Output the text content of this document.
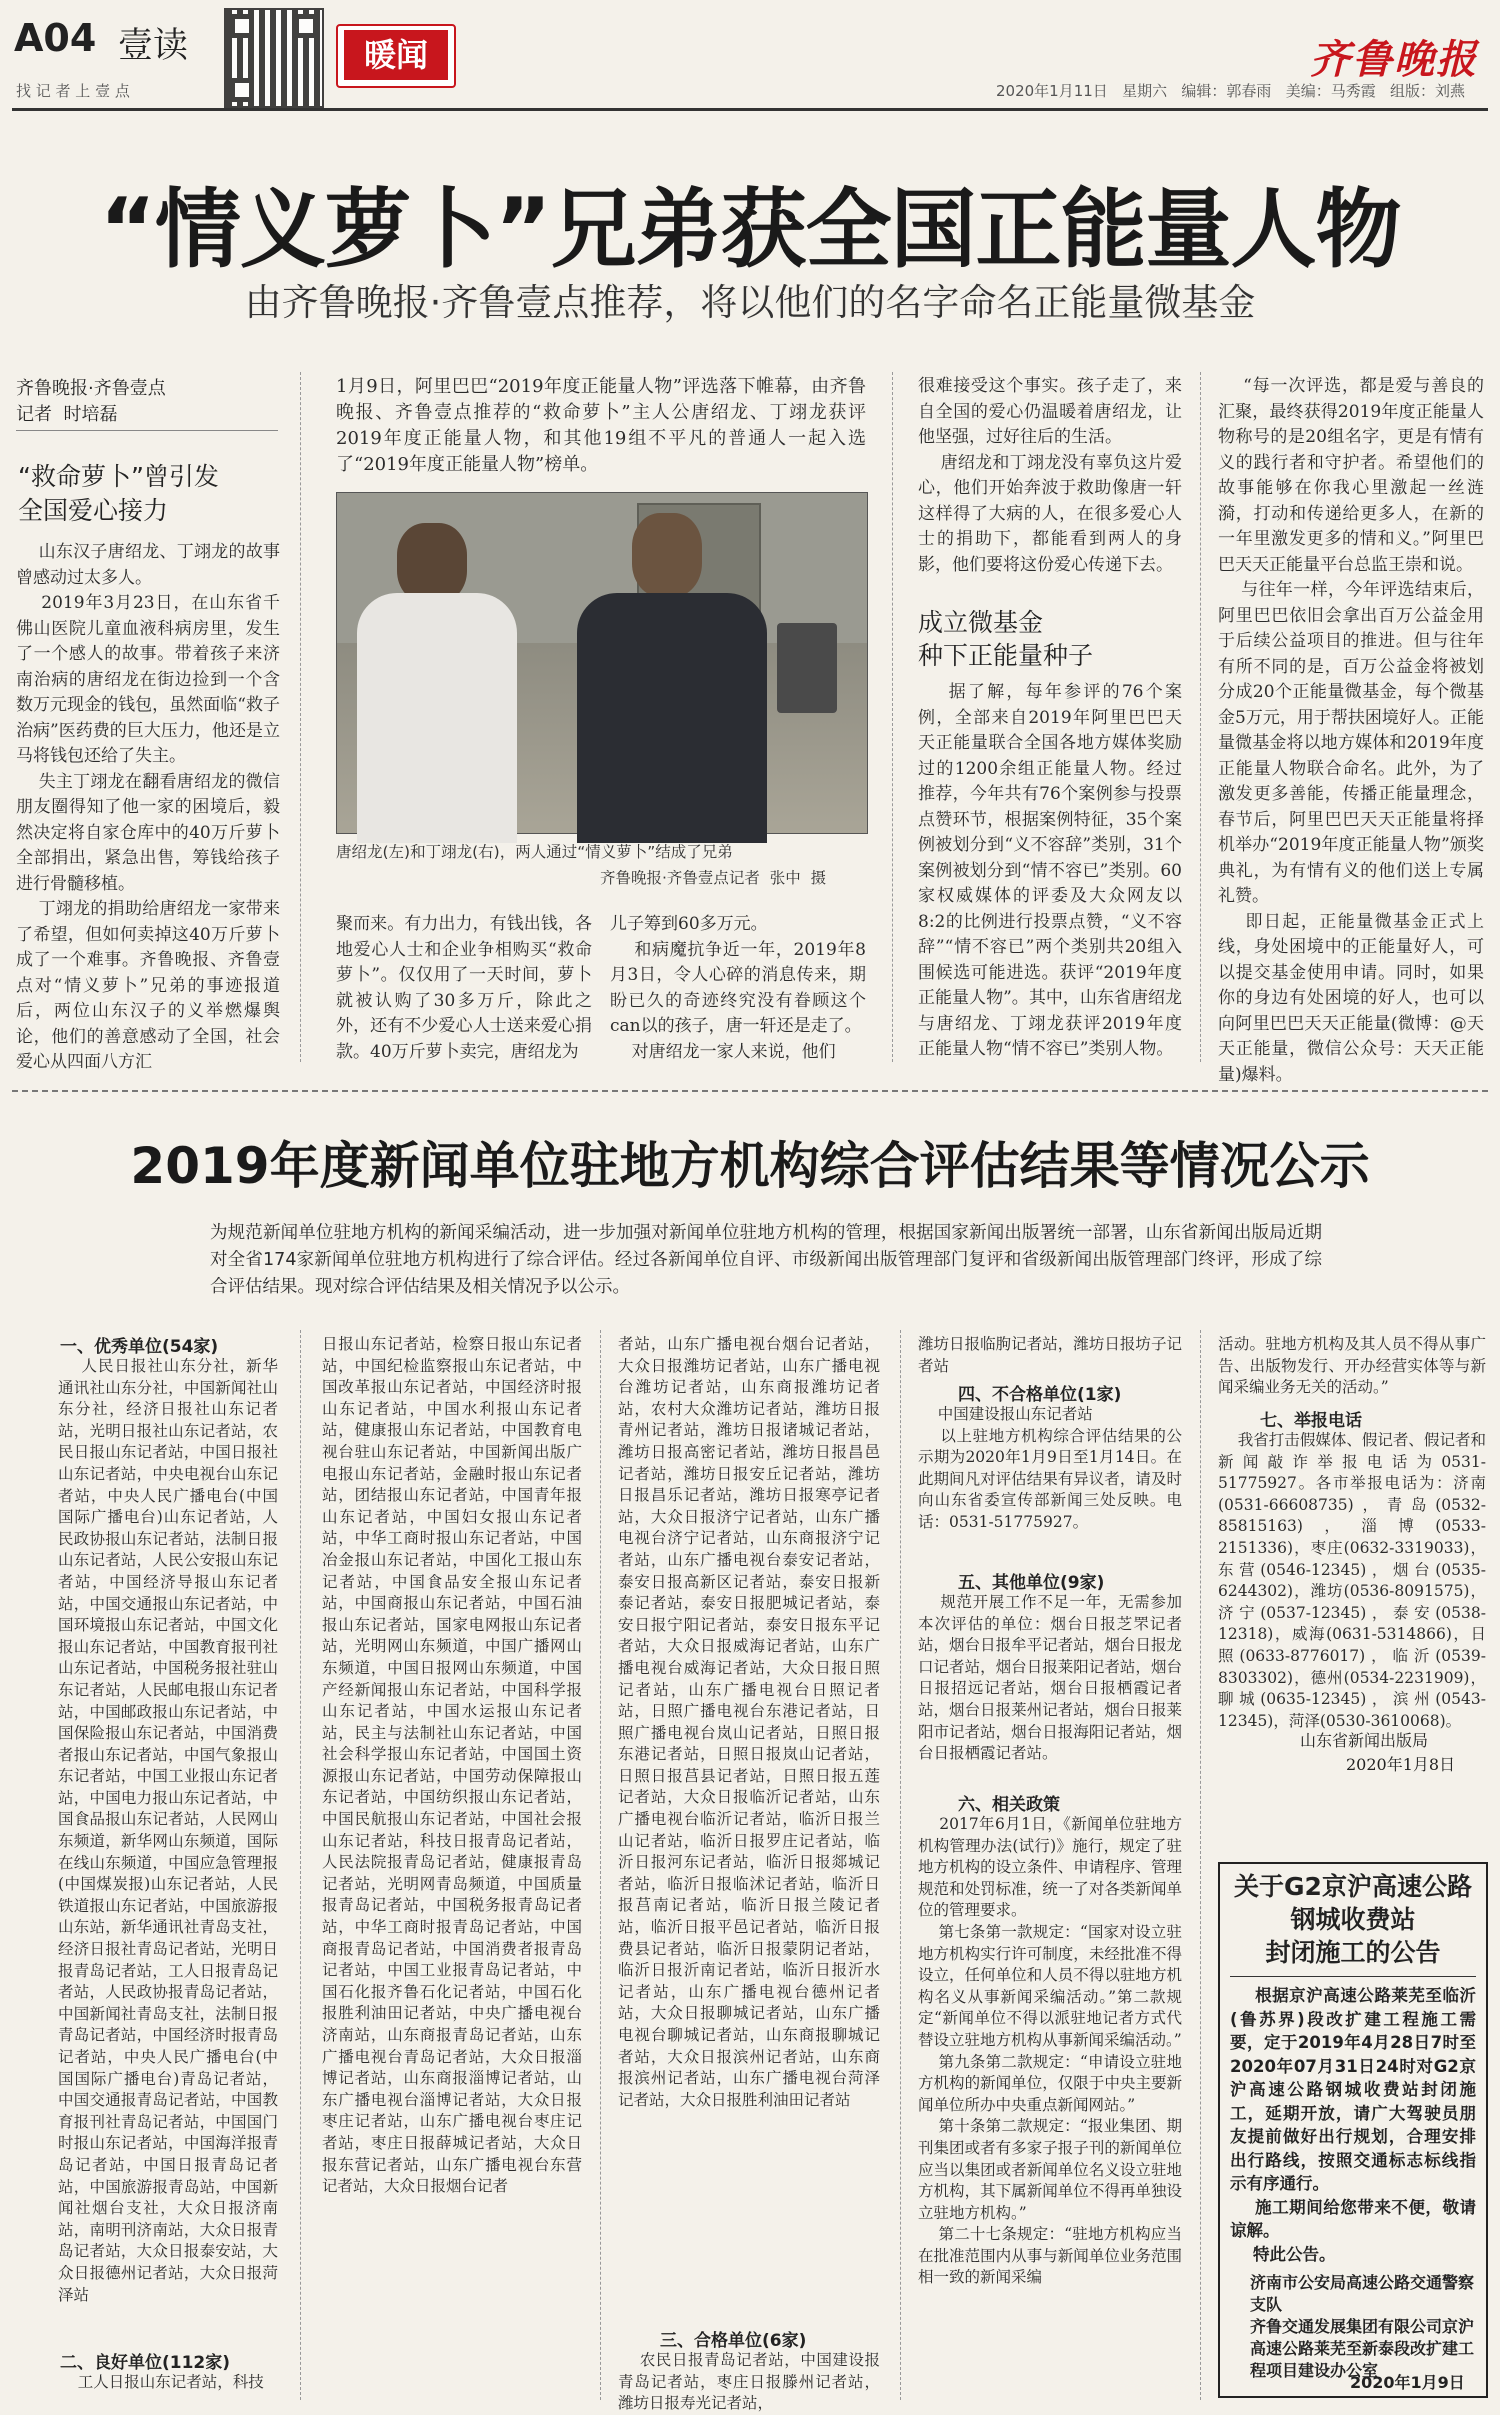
A04 壹读
找 记 者 上 壹 点
暖闻	齐鲁晚报
2020年1月11日   星期六   编辑：郭春雨   美编：马秀霞   组版：刘燕
“情义萝卜”兄弟获全国正能量人物
由齐鲁晚报·齐鲁壹点推荐，将以他们的名字命名正能量微基金
齐鲁晚报·齐鲁壹点
记者  时培磊
“救命萝卜”曾引发
全国爱心接力
山东汉子唐绍龙、丁翊龙的故事曾感动过太多人。
2019年3月23日，在山东省千佛山医院儿童血液科病房里，发生了一个感人的故事。带着孩子来济南治病的唐绍龙在街边捡到一个含数万元现金的钱包，虽然面临“救子治病”医药费的巨大压力，他还是立马将钱包还给了失主。
失主丁翊龙在翻看唐绍龙的微信朋友圈得知了他一家的困境后，毅然决定将自家仓库中的40万斤萝卜全部捐出，紧急出售，筹钱给孩子进行骨髓移植。
丁翊龙的捐助给唐绍龙一家带来了希望，但如何卖掉这40万斤萝卜成了一个难事。齐鲁晚报、齐鲁壹点对“情义萝卜”兄弟的事迹报道后，两位山东汉子的义举燃爆舆论，他们的善意感动了全国，社会爱心从四面八方汇
1月9日，阿里巴巴“2019年度正能量人物”评选落下帷幕，由齐鲁晚报、齐鲁壹点推荐的“救命萝卜”主人公唐绍龙、丁翊龙获评2019年度正能量人物，和其他19组不平凡的普通人一起入选了“2019年度正能量人物”榜单。
唐绍龙(左)和丁翊龙(右)，两人通过“情义萝卜”结成了兄弟
齐鲁晚报·齐鲁壹点记者  张中  摄
聚而来。有力出力，有钱出钱，各地爱心人士和企业争相购买“救命萝卜”。仅仅用了一天时间，萝卜就被认购了30多万斤，除此之外，还有不少爱心人士送来爱心捐款。40万斤萝卜卖完，唐绍龙为
儿子筹到60多万元。
和病魔抗争近一年，2019年8月3日，令人心碎的消息传来，期盼已久的奇迹终究没有眷顾这个can以的孩子，唐一轩还是走了。
对唐绍龙一家人来说，他们
很难接受这个事实。孩子走了，来自全国的爱心仍温暖着唐绍龙，让他坚强，过好往后的生活。
唐绍龙和丁翊龙没有辜负这片爱心，他们开始奔波于救助像唐一轩这样得了大病的人，在很多爱心人士的捐助下，都能看到两人的身影，他们要将这份爱心传递下去。
成立微基金
种下正能量种子
据了解，每年参评的76个案例，全部来自2019年阿里巴巴天天正能量联合全国各地方媒体奖励过的1200余组正能量人物。经过推荐，今年共有76个案例参与投票点赞环节，根据案例特征，35个案例被划分到“义不容辞”类别，31个案例被划分到“情不容已”类别。60家权威媒体的评委及大众网友以8:2的比例进行投票点赞，“义不容辞”“情不容已”两个类别共20组入围候选可能进选。获评“2019年度正能量人物”。其中，山东省唐绍龙与唐绍龙、丁翊龙获评2019年度正能量人物“情不容已”类别人物。
“每一次评选，都是爱与善良的汇聚，最终获得2019年度正能量人物称号的是20组名字，更是有情有义的践行者和守护者。希望他们的故事能够在你我心里激起一丝涟漪，打动和传递给更多人，在新的一年里激发更多的情和义。”阿里巴巴天天正能量平台总监王崇和说。
与往年一样，今年评选结束后，阿里巴巴依旧会拿出百万公益金用于后续公益项目的推进。但与往年有所不同的是，百万公益金将被划分成20个正能量微基金，每个微基金5万元，用于帮扶困境好人。正能量微基金将以地方媒体和2019年度正能量人物联合命名。此外，为了激发更多善能，传播正能量理念，春节后，阿里巴巴天天正能量将择机举办“2019年度正能量人物”颁奖典礼，为有情有义的他们送上专属礼赞。
即日起，正能量微基金正式上线，身处困境中的正能量好人，可以提交基金使用申请。同时，如果你的身边有处困境的好人，也可以向阿里巴巴天天正能量(微博：@天天正能量，微信公众号：天天正能量)爆料。
2019年度新闻单位驻地方机构综合评估结果等情况公示
为规范新闻单位驻地方机构的新闻采编活动，进一步加强对新闻单位驻地方机构的管理，根据国家新闻出版署统一部署，山东省新闻出版局近期对全省174家新闻单位驻地方机构进行了综合评估。经过各新闻单位自评、市级新闻出版管理部门复评和省级新闻出版管理部门终评，形成了综合评估结果。现对综合评估结果及相关情况予以公示。
一、优秀单位(54家)
人民日报社山东分社，新华通讯社山东分社，中国新闻社山东分社，经济日报社山东记者站，光明日报社山东记者站，农民日报山东记者站，中国日报社山东记者站，中央电视台山东记者站，中央人民广播电台(中国国际广播电台)山东记者站，人民政协报山东记者站，法制日报山东记者站，人民公安报山东记者站，中国经济导报山东记者站，中国交通报山东记者站，中国环境报山东记者站，中国文化报山东记者站，中国教育报刊社山东记者站，中国税务报社驻山东记者站，人民邮电报山东记者站，中国邮政报山东记者站，中国保险报山东记者站，中国消费者报山东记者站，中国气象报山东记者站，中国工业报山东记者站，中国电力报山东记者站，中国食品报山东记者站，人民网山东频道，新华网山东频道，国际在线山东频道，中国应急管理报(中国煤炭报)山东记者站，人民铁道报山东记者站，中国旅游报山东站，新华通讯社青岛支社，经济日报社青岛记者站，光明日报青岛记者站，工人日报青岛记者站，人民政协报青岛记者站，中国新闻社青岛支社，法制日报青岛记者站，中国经济时报青岛记者站，中央人民广播电台(中国国际广播电台)青岛记者站，中国交通报青岛记者站，中国教育报刊社青岛记者站，中国国门时报山东记者站，中国海洋报青岛记者站，中国日报青岛记者站，中国旅游报青岛站，中国新闻社烟台支社，大众日报济南站，南明刊济南站，大众日报青岛记者站，大众日报泰安站，大众日报德州记者站，大众日报菏泽站
二、良好单位(112家)
工人日报山东记者站，科技
日报山东记者站，检察日报山东记者站，中国纪检监察报山东记者站，中国改革报山东记者站，中国经济时报山东记者站，中国水利报山东记者站，健康报山东记者站，中国教育电视台驻山东记者站，中国新闻出版广电报山东记者站，金融时报山东记者站，团结报山东记者站，中国青年报山东记者站，中国妇女报山东记者站，中华工商时报山东记者站，中国冶金报山东记者站，中国化工报山东记者站，中国食品安全报山东记者站，中国商报山东记者站，中国石油报山东记者站，国家电网报山东记者站，光明网山东频道，中国广播网山东频道，中国日报网山东频道，中国产经新闻报山东记者站，中国科学报山东记者站，中国水运报山东记者站，民主与法制社山东记者站，中国社会科学报山东记者站，中国国土资源报山东记者站，中国劳动保障报山东记者站，中国纺织报山东记者站，中国民航报山东记者站，中国社会报山东记者站，科技日报青岛记者站，人民法院报青岛记者站，健康报青岛记者站，光明网青岛频道，中国质量报青岛记者站，中国税务报青岛记者站，中华工商时报青岛记者站，中国商报青岛记者站，中国消费者报青岛记者站，中国工业报青岛记者站，中国石化报齐鲁石化记者站，中国石化报胜利油田记者站，中央广播电视台济南站，山东商报青岛记者站，山东广播电视台青岛记者站，大众日报淄博记者站，山东商报淄博记者站，山东广播电视台淄博记者站，大众日报枣庄记者站，山东广播电视台枣庄记者站，枣庄日报薛城记者站，大众日报东营记者站，山东广播电视台东营记者站，大众日报烟台记者
者站，山东广播电视台烟台记者站，大众日报潍坊记者站，山东广播电视台潍坊记者站，山东商报潍坊记者站，农村大众潍坊记者站，潍坊日报青州记者站，潍坊日报诸城记者站，潍坊日报高密记者站，潍坊日报昌邑记者站，潍坊日报安丘记者站，潍坊日报昌乐记者站，潍坊日报寒亭记者站，大众日报济宁记者站，山东广播电视台济宁记者站，山东商报济宁记者站，山东广播电视台泰安记者站，泰安日报高新区记者站，泰安日报新泰记者站，泰安日报肥城记者站，泰安日报宁阳记者站，泰安日报东平记者站，大众日报威海记者站，山东广播电视台威海记者站，大众日报日照记者站，山东广播电视台日照记者站，日照广播电视台东港记者站，日照广播电视台岚山记者站，日照日报东港记者站，日照日报岚山记者站，日照日报莒县记者站，日照日报五莲记者站，大众日报临沂记者站，山东广播电视台临沂记者站，临沂日报兰山记者站，临沂日报罗庄记者站，临沂日报河东记者站，临沂日报郯城记者站，临沂日报临沭记者站，临沂日报莒南记者站，临沂日报兰陵记者站，临沂日报平邑记者站，临沂日报费县记者站，临沂日报蒙阴记者站，临沂日报沂南记者站，临沂日报沂水记者站，山东广播电视台德州记者站，大众日报聊城记者站，山东广播电视台聊城记者站，山东商报聊城记者站，大众日报滨州记者站，山东商报滨州记者站，山东广播电视台菏泽记者站，大众日报胜利油田记者站
三、合格单位(6家)
农民日报青岛记者站，中国建设报青岛记者站，枣庄日报滕州记者站，潍坊日报寿光记者站，
潍坊日报临朐记者站，潍坊日报坊子记者站
四、不合格单位(1家)
中国建设报山东记者站
以上驻地方机构综合评估结果的公示期为2020年1月9日至1月14日。在此期间凡对评估结果有异议者，请及时向山东省委宣传部新闻三处反映。电话：0531-51775927。
五、其他单位(9家)
规范开展工作不足一年，无需参加本次评估的单位：烟台日报芝罘记者站，烟台日报牟平记者站，烟台日报龙口记者站，烟台日报莱阳记者站，烟台日报招远记者站，烟台日报栖霞记者站，烟台日报莱州记者站，烟台日报莱阳市记者站，烟台日报海阳记者站，烟台日报栖霞记者站。
六、相关政策
2017年6月1日，《新闻单位驻地方机构管理办法(试行)》施行，规定了驻地方机构的设立条件、申请程序、管理规范和处罚标准，统一了对各类新闻单位的管理要求。
第七条第一款规定：“国家对设立驻地方机构实行许可制度，未经批准不得设立，任何单位和人员不得以驻地方机构名义从事新闻采编活动。”第二款规定“新闻单位不得以派驻地记者方式代替设立驻地方机构从事新闻采编活动。”
第九条第二款规定：“申请设立驻地方机构的新闻单位，仅限于中央主要新闻单位所办中央重点新闻网站。”
第十条第二款规定：“报业集团、期刊集团或者有多家子报子刊的新闻单位应当以集团或者新闻单位名义设立驻地方机构，其下属新闻单位不得再单独设立驻地方机构。”
第二十七条规定：“驻地方机构应当在批准范围内从事与新闻单位业务范围相一致的新闻采编
活动。驻地方机构及其人员不得从事广告、出版物发行、开办经营实体等与新闻采编业务无关的活动。”
七、举报电话
我省打击假媒体、假记者、假记者和新闻敲诈举报电话为0531-51775927。各市举报电话为：济南(0531-66608735)，青岛(0532-85815163)，淄博(0533-2151336)，枣庄(0632-3319033)，东营(0546-12345)，烟台(0535-6244302)，潍坊(0536-8091575)，济宁(0537-12345)，泰安(0538-12318)，威海(0631-5314866)，日照(0633-8776017)，临沂(0539-8303302)，德州(0534-2231909)，聊城(0635-12345)，滨州(0543-12345)，菏泽(0530-3610068)。
山东省新闻出版局
2020年1月8日
关于G2京沪高速公路
钢城收费站
封闭施工的公告
根据京沪高速公路莱芜至临沂(鲁苏界)段改扩建工程施工需要，定于2019年4月28日7时至2020年07月31日24时对G2京沪高速公路钢城收费站封闭施工，延期开放，请广大驾驶员朋友提前做好出行规划，合理安排出行路线，按照交通标志标线指示有序通行。
施工期间给您带来不便，敬请谅解。
特此公告。
济南市公安局高速公路交通警察支队
齐鲁交通发展集团有限公司京沪高速公路莱芜至新泰段改扩建工程项目建设办公室
2020年1月9日
